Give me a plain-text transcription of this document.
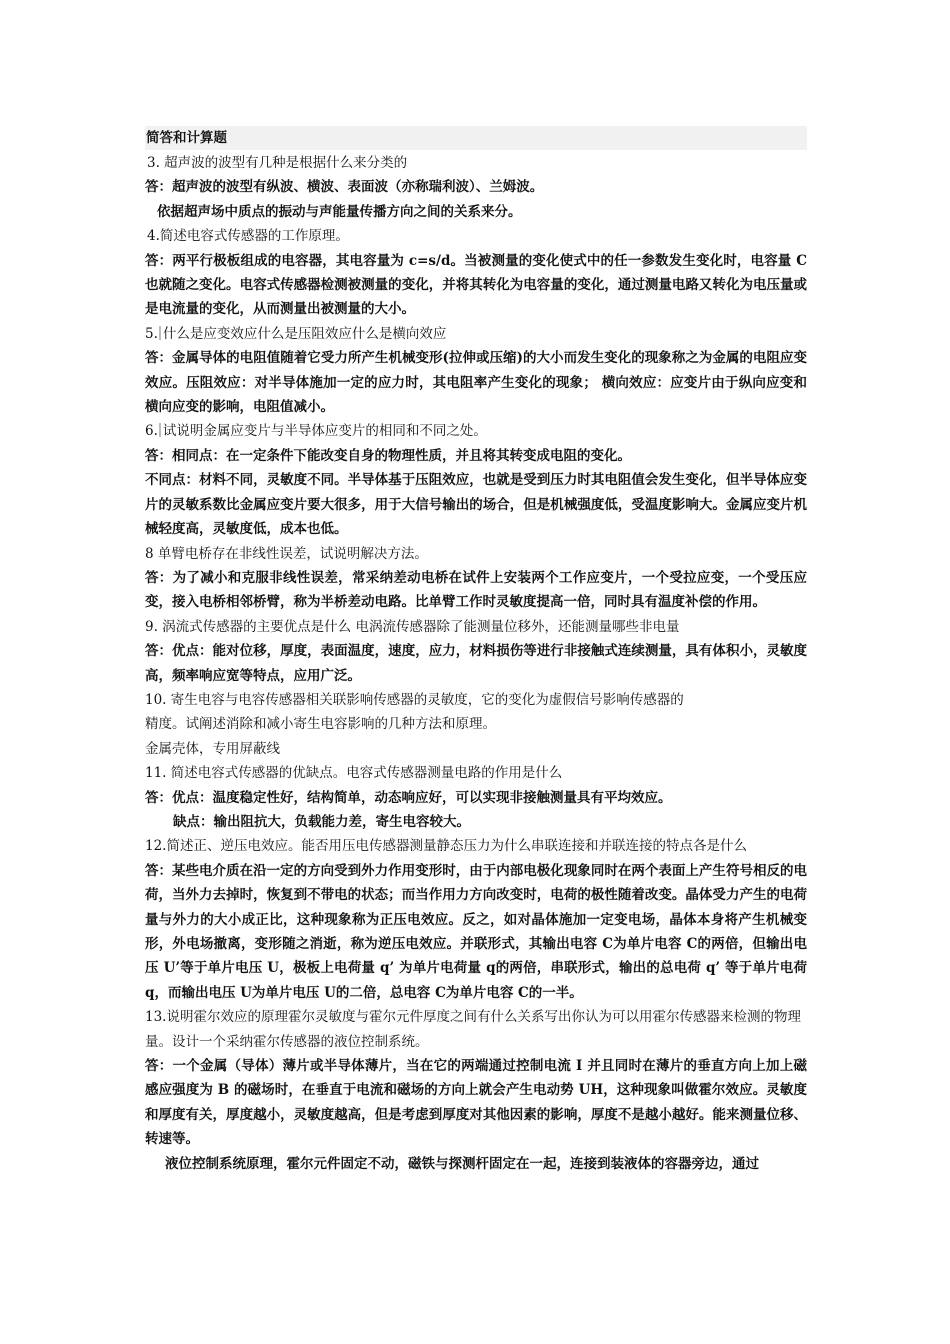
简答和计算题
3. 超声波的波型有几种是根据什么来分类的
答：超声波的波型有纵波、横波、表面波（亦称瑞利波）、兰姆波。
依据超声场中质点的振动与声能量传播方向之间的关系来分。
4.简述电容式传感器的工作原理。
答：两平行极板组成的电容器，其电容量为 c=s/d。当被测量的变化使式中的任一参数发生变化时，电容量 C 也就随之变化。电容式传感器检测被测量的变化，并将其转化为电容量的变化，通过测量电路又转化为电压量或是电流量的变化，从而测量出被测量的大小。
5. 什么是应变效应什么是压阻效应什么是横向效应
答：金属导体的电阻值随着它受力所产生机械变形(拉伸或压缩)的大小而发生变化的现象称之为金属的电阻应变效应。压阻效应：对半导体施加一定的应力时，其电阻率产生变化的现象； 横向效应：应变片由于纵向应变和横向应变的影响，电阻值减小。
6. 试说明金属应变片与半导体应变片的相同和不同之处。
答：相同点：在一定条件下能改变自身的物理性质，并且将其转变成电阻的变化。
不同点：材料不同，灵敏度不同。半导体基于压阻效应，也就是受到压力时其电阻值会发生变化，但半导体应变片的灵敏系数比金属应变片要大很多，用于大信号输出的场合，但是机械强度低，受温度影响大。金属应变片机械轻度高，灵敏度低，成本也低。
8 单臂电桥存在非线性误差，试说明解决方法。
答：为了减小和克服非线性误差，常采纳差动电桥在试件上安装两个工作应变片，一个受拉应变，一个受压应变，接入电桥相邻桥臂，称为半桥差动电路。比单臂工作时灵敏度提高一倍，同时具有温度补偿的作用。
9. 涡流式传感器的主要优点是什么 电涡流传感器除了能测量位移外，还能测量哪些非电量
答：优点：能对位移，厚度，表面温度，速度，应力，材料损伤等进行非接触式连续测量，具有体积小，灵敏度高，频率响应宽等特点，应用广泛。
10. 寄生电容与电容传感器相关联影响传感器的灵敏度，它的变化为虚假信号影响传感器的
精度。试阐述消除和减小寄生电容影响的几种方法和原理。
金属壳体，专用屏蔽线
11. 简述电容式传感器的优缺点。电容式传感器测量电路的作用是什么
答：优点：温度稳定性好，结构简单，动态响应好，可以实现非接触测量具有平均效应。
缺点：输出阻抗大，负载能力差，寄生电容较大。
12.简述正、逆压电效应。能否用压电传感器测量静态压力为什么串联连接和并联连接的特点各是什么
答：某些电介质在沿一定的方向受到外力作用变形时，由于内部电极化现象同时在两个表面上产生符号相反的电荷，当外力去掉时，恢复到不带电的状态；而当作用力方向改变时，电荷的极性随着改变。晶体受力产生的电荷量与外力的大小成正比，这种现象称为正压电效应。反之，如对晶体施加一定变电场，晶体本身将产生机械变形，外电场撤离，变形随之消逝，称为逆压电效应。并联形式，其输出电容 C为单片电容 C的两倍，但输出电压 U’等于单片电压 U，极板上电荷量 q’ 为单片电荷量 q的两倍，串联形式，输出的总电荷 q’ 等于单片电荷 q，而输出电压 U为单片电压 U的二倍，总电容 C为单片电容 C的一半。
13.说明霍尔效应的原理霍尔灵敏度与霍尔元件厚度之间有什么关系写出你认为可以用霍尔传感器来检测的物理量。设计一个采纳霍尔传感器的液位控制系统。
答：一个金属（导体）薄片或半导体薄片，当在它的两端通过控制电流 I 并且同时在薄片的垂直方向上加上磁感应强度为 B 的磁场时，在垂直于电流和磁场的方向上就会产生电动势 UH，这种现象叫做霍尔效应。灵敏度和厚度有关，厚度越小，灵敏度越高，但是考虑到厚度对其他因素的影响，厚度不是越小越好。能来测量位移、转速等。
液位控制系统原理，霍尔元件固定不动，磁铁与探测杆固定在一起，连接到装液体的容器旁边，通过
